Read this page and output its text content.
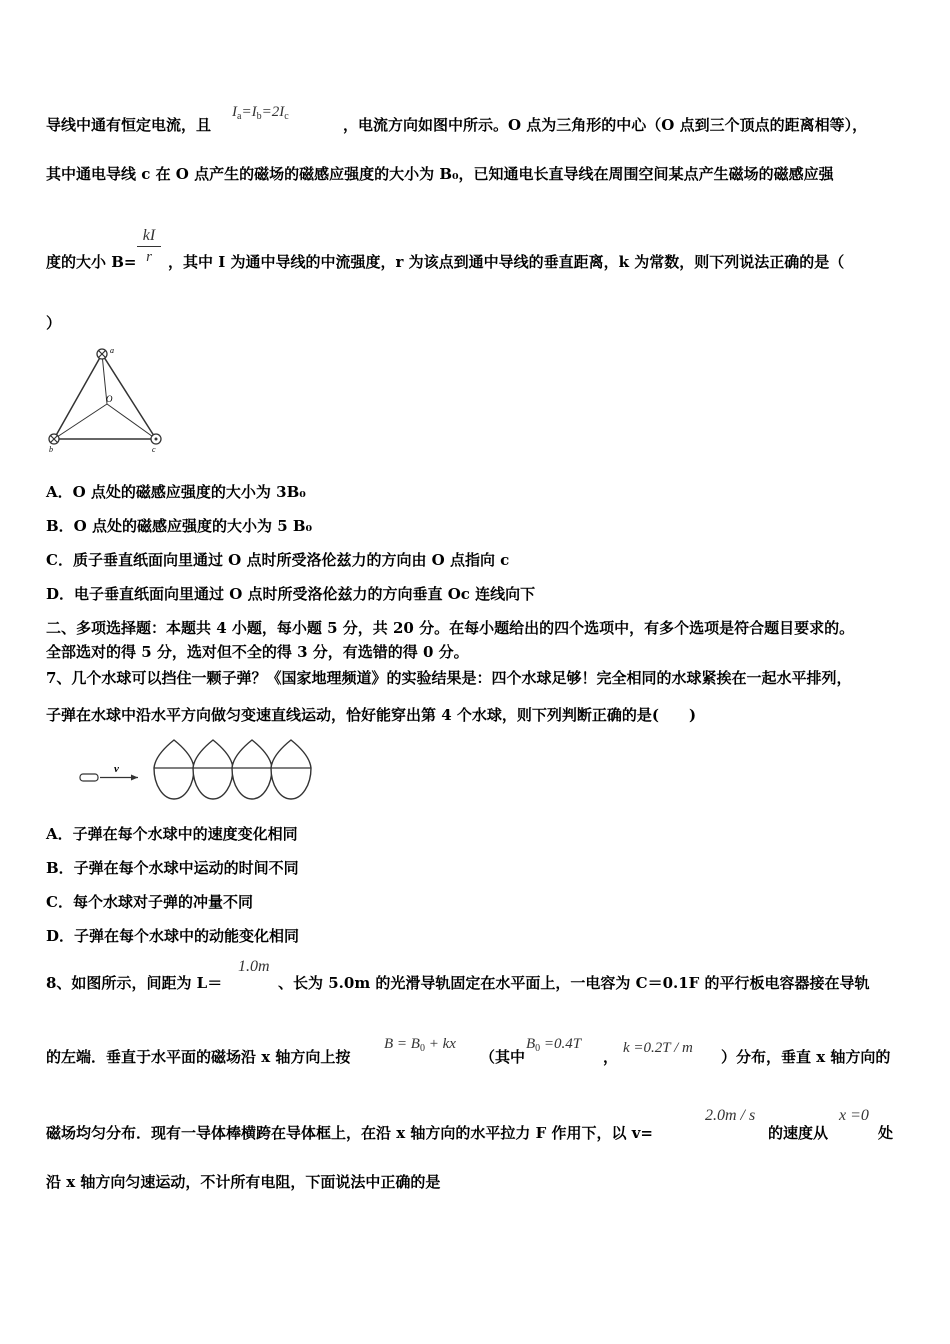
导线中通有恒定电流，且
$I_a=I_b=2I_c$	，电流方向如图中所示。O 点为三角形的中心（O 点到三个顶点的距离相等），
其中通电导线 c 在 O 点产生的磁场的磁感应强度的大小为 B₀，已知通电长直导线在周围空间某点产生磁场的磁感应强
度的大小 $B= \frac{kI}{r}$ ，其中 I 为通中导线的中流强度，r 为该点到通中导线的垂直距离，k 为常数，则下列说法正确的是（
）
a
b	c
O
A．O 点处的磁感应强度的大小为 3B₀
B．O 点处的磁感应强度的大小为 5 B₀
C．质子垂直纸面向里通过 O 点时所受洛伦兹力的方向由 O 点指向 c
D．电子垂直纸面向里通过 O 点时所受洛伦兹力的方向垂直 Oc 连线向下
二、多项选择题：本题共 4 小题，每小题 5 分，共 20 分。在每小题给出的四个选项中，有多个选项是符合题目要求的。
全部选对的得 5 分，选对但不全的得 3 分，有选错的得 0 分。
7、几个水球可以挡住一颗子弹？《国家地理频道》的实验结果是：四个水球足够！完全相同的水球紧挨在一起水平排列，
子弹在水球中沿水平方向做匀变速直线运动，恰好能穿出第 4 个水球，则下列判断正确的是(　　)
v
A．子弹在每个水球中的速度变化相同
B．子弹在每个水球中运动的时间不同
C．每个水球对子弹的冲量不同
D．子弹在每个水球中的动能变化相同
8、如图所示，间距为 L＝
1.0m
、长为 5.0m 的光滑导轨固定在水平面上，一电容为 C＝0.1F 的平行板电容器接在导轨
的左端．垂直于水平面的磁场沿 x 轴方向上按
$B = B_0$ + kx
（其中
$B_0 =0.4T$
， k =0.2T / m ）分布，垂直 x 轴方向的
磁场均匀分布．现有一导体棒横跨在导体框上，在沿 x 轴方向的水平拉力 F 作用下，以 v=
2.0m / s
的速度从
x =0
处
沿 x 轴方向匀速运动，不计所有电阻，下面说法中正确的是
